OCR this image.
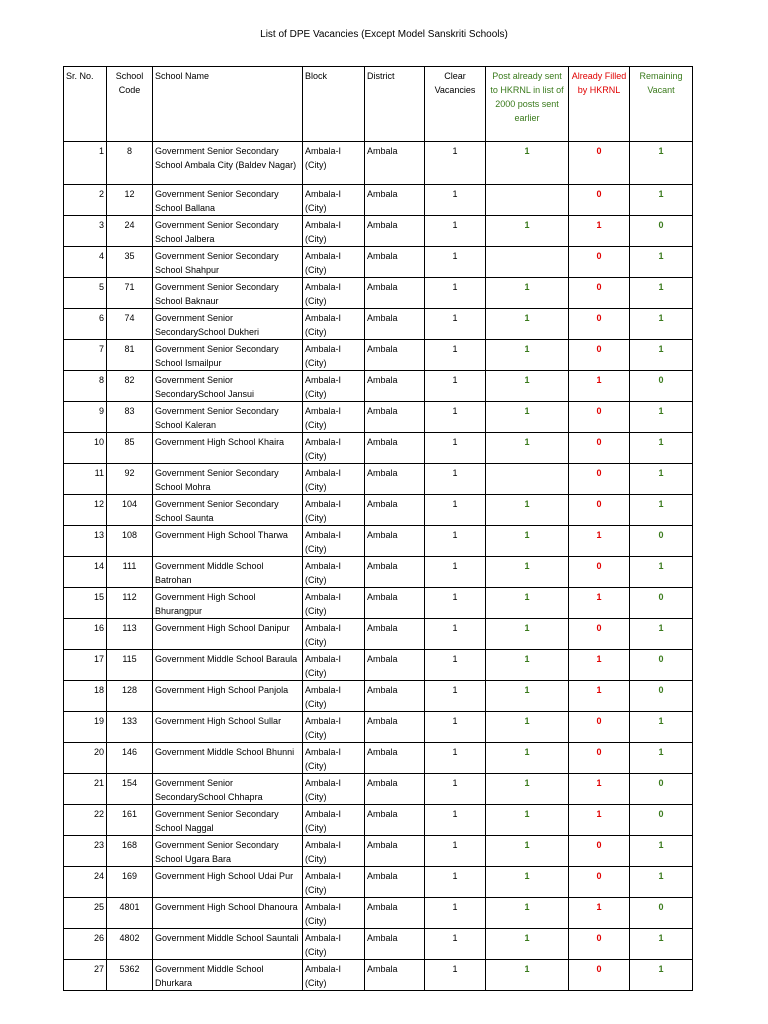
List of DPE Vacancies (Except Model Sanskriti Schools)
Sr. No.	School Code	School Name	Block	District	Clear Vacancies	Post already sent to HKRNL in list of 2000 posts sent earlier	Already Filled by HKRNL	Remaining Vacant
1	8	Government Senior Secondary School Ambala City (Baldev Nagar)	Ambala-I (City)	Ambala	1	1	0	1
2	12	Government Senior Secondary School Ballana	Ambala-I (City)	Ambala	1		0	1
3	24	Government Senior Secondary School Jalbera	Ambala-I (City)	Ambala	1	1	1	0
4	35	Government Senior Secondary School Shahpur	Ambala-I (City)	Ambala	1		0	1
5	71	Government Senior Secondary School Baknaur	Ambala-I (City)	Ambala	1	1	0	1
6	74	Government Senior SecondarySchool Dukheri	Ambala-I (City)	Ambala	1	1	0	1
7	81	Government Senior Secondary School Ismailpur	Ambala-I (City)	Ambala	1	1	0	1
8	82	Government Senior SecondarySchool Jansui	Ambala-I (City)	Ambala	1	1	1	0
9	83	Government Senior Secondary School Kaleran	Ambala-I (City)	Ambala	1	1	0	1
10	85	Government High School Khaira	Ambala-I (City)	Ambala	1	1	0	1
11	92	Government Senior Secondary School Mohra	Ambala-I (City)	Ambala	1		0	1
12	104	Government Senior Secondary School Saunta	Ambala-I (City)	Ambala	1	1	0	1
13	108	Government High School Tharwa	Ambala-I (City)	Ambala	1	1	1	0
14	111	Government Middle School Batrohan	Ambala-I (City)	Ambala	1	1	0	1
15	112	Government High School Bhurangpur	Ambala-I (City)	Ambala	1	1	1	0
16	113	Government High School Danipur	Ambala-I (City)	Ambala	1	1	0	1
17	115	Government Middle School Baraula	Ambala-I (City)	Ambala	1	1	1	0
18	128	Government High School Panjola	Ambala-I (City)	Ambala	1	1	1	0
19	133	Government High School Sullar	Ambala-I (City)	Ambala	1	1	0	1
20	146	Government Middle School Bhunni	Ambala-I (City)	Ambala	1	1	0	1
21	154	Government Senior SecondarySchool Chhapra	Ambala-I (City)	Ambala	1	1	1	0
22	161	Government Senior Secondary School Naggal	Ambala-I (City)	Ambala	1	1	1	0
23	168	Government Senior Secondary School Ugara Bara	Ambala-I (City)	Ambala	1	1	0	1
24	169	Government High School Udai Pur	Ambala-I (City)	Ambala	1	1	0	1
25	4801	Government High School Dhanoura	Ambala-I (City)	Ambala	1	1	1	0
26	4802	Government Middle School Sauntali	Ambala-I (City)	Ambala	1	1	0	1
27	5362	Government Middle School Dhurkara	Ambala-I (City)	Ambala	1	1	0	1
